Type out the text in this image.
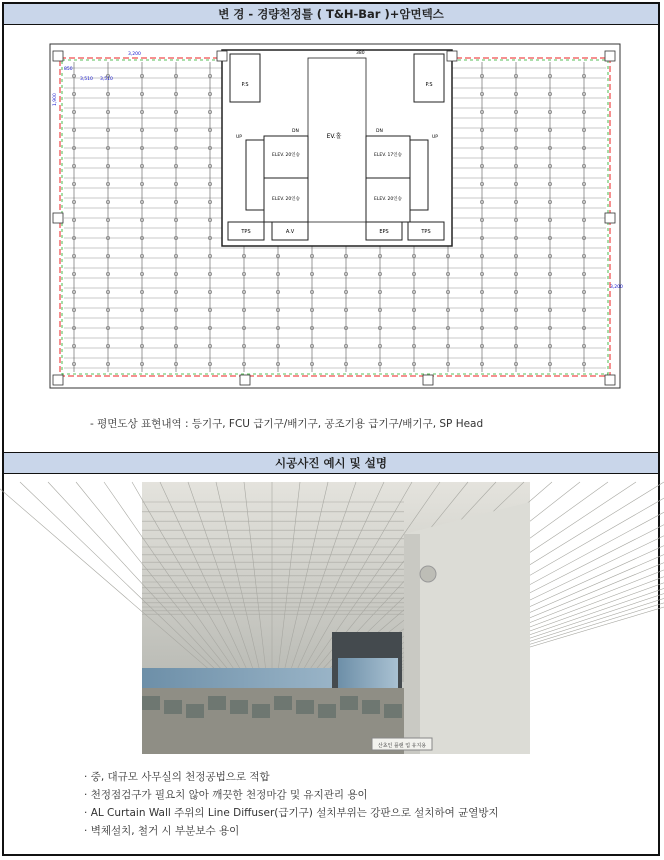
변 경 - 경량천정틀 ( T&H-Bar )+암면텍스
EV.홀
P.S	P.S
ELEV. 20인승	ELEV. 17인승
ELEV. 20인승	ELEV. 20인승
TPS	A.V	EPS	TPS
UP
DN
UP
DN
3,200
3,510 3,510
1,900
850
380
3,200
- 평면도상 표현내역 : 등기구, FCU 급기구/배기구, 공조기용 급기구/배기구, SP Head
시공사진 예시 및 설명
산쵸인 플랜 업 유지용
· 중, 대규모 사무실의 천정공법으로 적합
· 천정점검구가 필요치 않아 깨끗한 천정마감 및 유지관리 용이
· AL Curtain Wall 주위의 Line Diffuser(급기구) 설치부위는 강판으로 설치하여 균열방지
· 벽체설치, 철거 시 부분보수 용이
